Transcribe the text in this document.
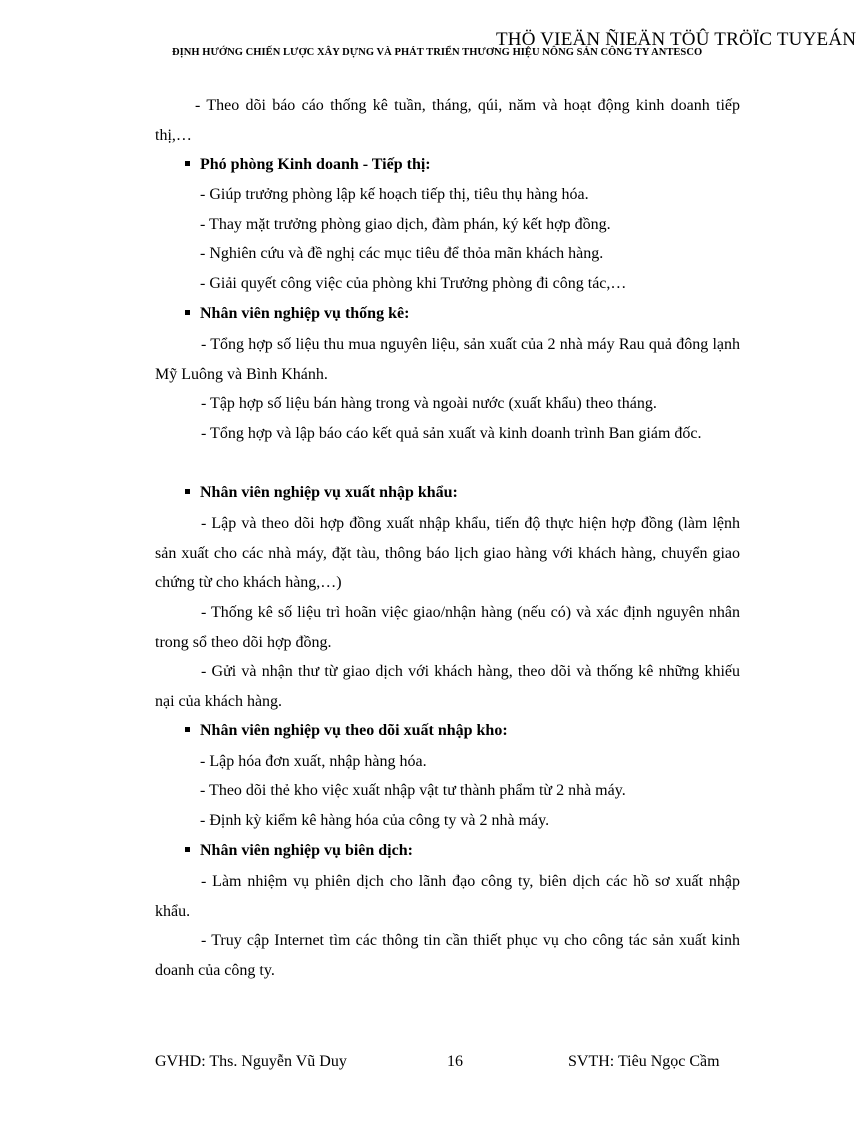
THÖ VIEÄN ÑIEÄN TÖÛ TRÖÏC TUYEÁN
ĐỊNH HƯỚNG CHIẾN LƯỢC XÂY DỰNG VÀ PHÁT TRIỂN THƯƠNG HIỆU NÔNG SẢN CÔNG TY ANTESCO
- Theo dõi báo cáo thống kê tuần, tháng, qúi, năm và hoạt động kinh doanh tiếp thị,…
Phó phòng Kinh doanh - Tiếp thị:
- Giúp trưởng phòng lập kế hoạch tiếp thị, tiêu thụ hàng hóa.
- Thay mặt trưởng phòng giao dịch, đàm phán, ký kết hợp đồng.
- Nghiên cứu và đề nghị các mục tiêu để thỏa mãn khách hàng.
- Giải quyết công việc của phòng khi Trưởng phòng đi công tác,…
Nhân viên nghiệp vụ thống kê:
- Tổng hợp số liệu thu mua nguyên liệu, sản xuất của 2 nhà máy Rau quả đông lạnh Mỹ Luông và Bình Khánh.
- Tập hợp số liệu bán hàng trong và ngoài nước (xuất khẩu) theo tháng.
- Tổng hợp và lập báo cáo kết quả sản xuất và kinh doanh trình Ban giám đốc.
Nhân viên nghiệp vụ xuất nhập khẩu:
- Lập và theo dõi hợp đồng xuất nhập khẩu, tiến độ thực hiện hợp đồng (làm lệnh sản xuất cho các nhà máy, đặt tàu, thông báo lịch giao hàng với khách hàng, chuyển giao chứng từ cho khách hàng,…)
- Thống kê số liệu trì hoãn việc giao/nhận hàng (nếu có) và xác định nguyên nhân trong sổ theo dõi hợp đồng.
- Gửi và nhận thư từ giao dịch với khách hàng, theo dõi và thống kê những khiếu nại của khách hàng.
Nhân viên nghiệp vụ theo dõi xuất nhập kho:
- Lập hóa đơn xuất, nhập hàng hóa.
- Theo dõi thẻ kho việc xuất nhập vật tư thành phẩm từ 2 nhà máy.
- Định kỳ kiểm kê hàng hóa của công ty và 2 nhà máy.
Nhân viên nghiệp vụ biên dịch:
- Làm nhiệm vụ phiên dịch cho lãnh đạo công ty, biên dịch các hồ sơ xuất nhập khẩu.
- Truy cập Internet tìm các thông tin cần thiết phục vụ cho công tác sản xuất kinh doanh của công ty.
GVHD: Ths. Nguyễn Vũ Duy	16	SVTH: Tiêu Ngọc Cầm
